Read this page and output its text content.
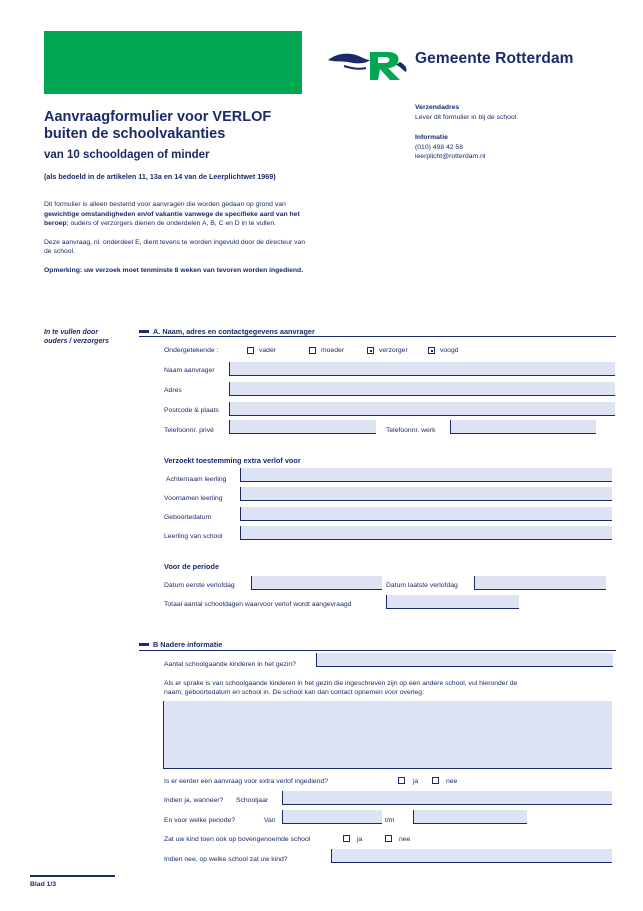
Gemeente Rotterdam
Aanvraagformulier voor VERLOF
buiten de schoolvakanties
van 10 schooldagen of minder
(als bedoeld in de artikelen 11, 13a en 14 van de Leerplichtwet 1969)
Dit formulier is alleen bestemd voor aanvragen die worden gedaan op grond van gewichtige omstandigheden en/of vakantie vanwege de specifieke aard van het beroep; ouders of verzorgers dienen de onderdelen A, B, C en D in te vullen.
Deze aanvraag, nl. onderdeel E, dient tevens te worden ingevuld door de directeur van de school.
Opmerking: uw verzoek moet tenminste 8 weken van tevoren worden ingediend.
Verzendadres
Lever dit formulier in bij de school.
Informatie
(010) 498 42 58
leerplicht@rotterdam.nl
In te vullen door
ouders / verzorgers
A. Naam, adres en contactgegevens aanvrager
Ondergetekende :	vader	moeder	verzorger	voogd
Naam aanvrager
Adres
Postcode & plaats
Telefoonnr. privé	Telefoonnr. werk
Verzoekt toestemming extra verlof voor
Achternaam leerling
Voornamen leerling
Geboortedatum
Leerling van school
Voor de periode
Datum eerste verlofdag	Datum laatste verlofdag
Totaal aantal schooldagen waarvoor verlof wordt aangevraagd
B Nadere informatie
Aantal schoolgaande kinderen in het gezin?
Als er sprake is van schoolgaande kinderen in het gezin die ingeschreven zijn op een andere school, vul hieronder de
naam, geboortedatum en school in. De school kan dan contact opnemen voor overleg:
Is er eerder een aanvraag voor extra verlof ingediend?	ja	nee
Indien ja, wanneer? Schooljaar
En voor welke periode?	Van	t/m
Zat uw kind toen ook op bovengenoemde school	ja	nee
Indien nee, op welke school zat uw kind?
Blad 1/3
